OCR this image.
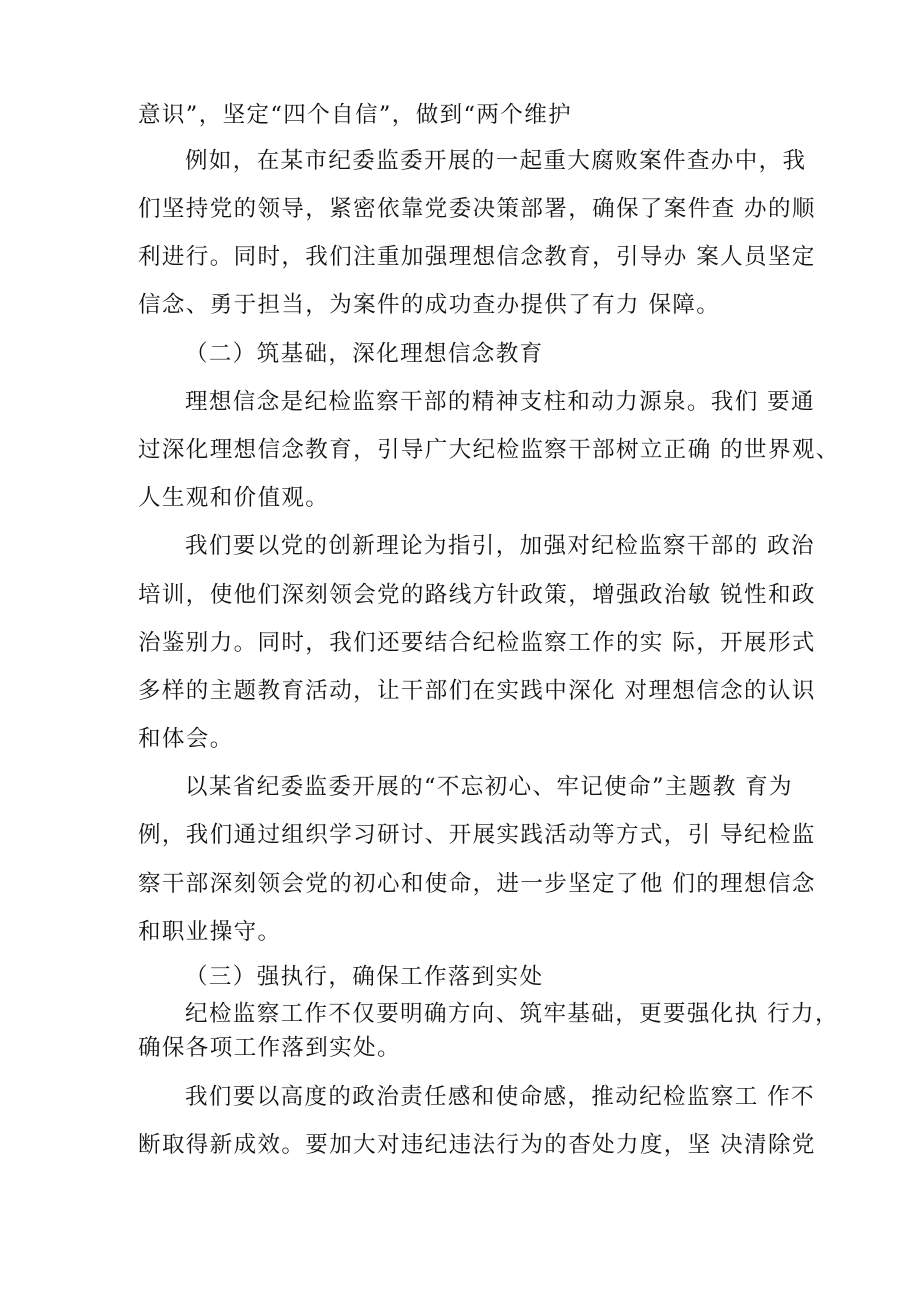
意识”，坚定“四个自信”，做到“两个维护
例如，在某市纪委监委开展的一起重大腐败案件查办中，我
们坚持党的领导，紧密依靠党委决策部署，确保了案件查 办的顺
利进行。同时，我们注重加强理想信念教育，引导办 案人员坚定
信念、勇于担当，为案件的成功查办提供了有力 保障。
（二）筑基础，深化理想信念教育
理想信念是纪检监察干部的精神支柱和动力源泉。我们 要通
过深化理想信念教育，引导广大纪检监察干部树立正确 的世界观、
人生观和价值观。
我们要以党的创新理论为指引，加强对纪检监察干部的 政治
培训，使他们深刻领会党的路线方针政策，增强政治敏 锐性和政
治鉴别力。同时，我们还要结合纪检监察工作的实 际，开展形式
多样的主题教育活动，让干部们在实践中深化 对理想信念的认识
和体会。
以某省纪委监委开展的“不忘初心、牢记使命”主题教 育为
例，我们通过组织学习研讨、开展实践活动等方式，引 导纪检监
察干部深刻领会党的初心和使命，进一步坚定了他 们的理想信念
和职业操守。
（三）强执行，确保工作落到实处
纪检监察工作不仅要明确方向、筑牢基础，更要强化执 行力，
确保各项工作落到实处。
我们要以高度的政治责任感和使命感，推动纪检监察工 作不
断取得新成效。要加大对违纪违法行为的杳处力度，坚 决清除党
